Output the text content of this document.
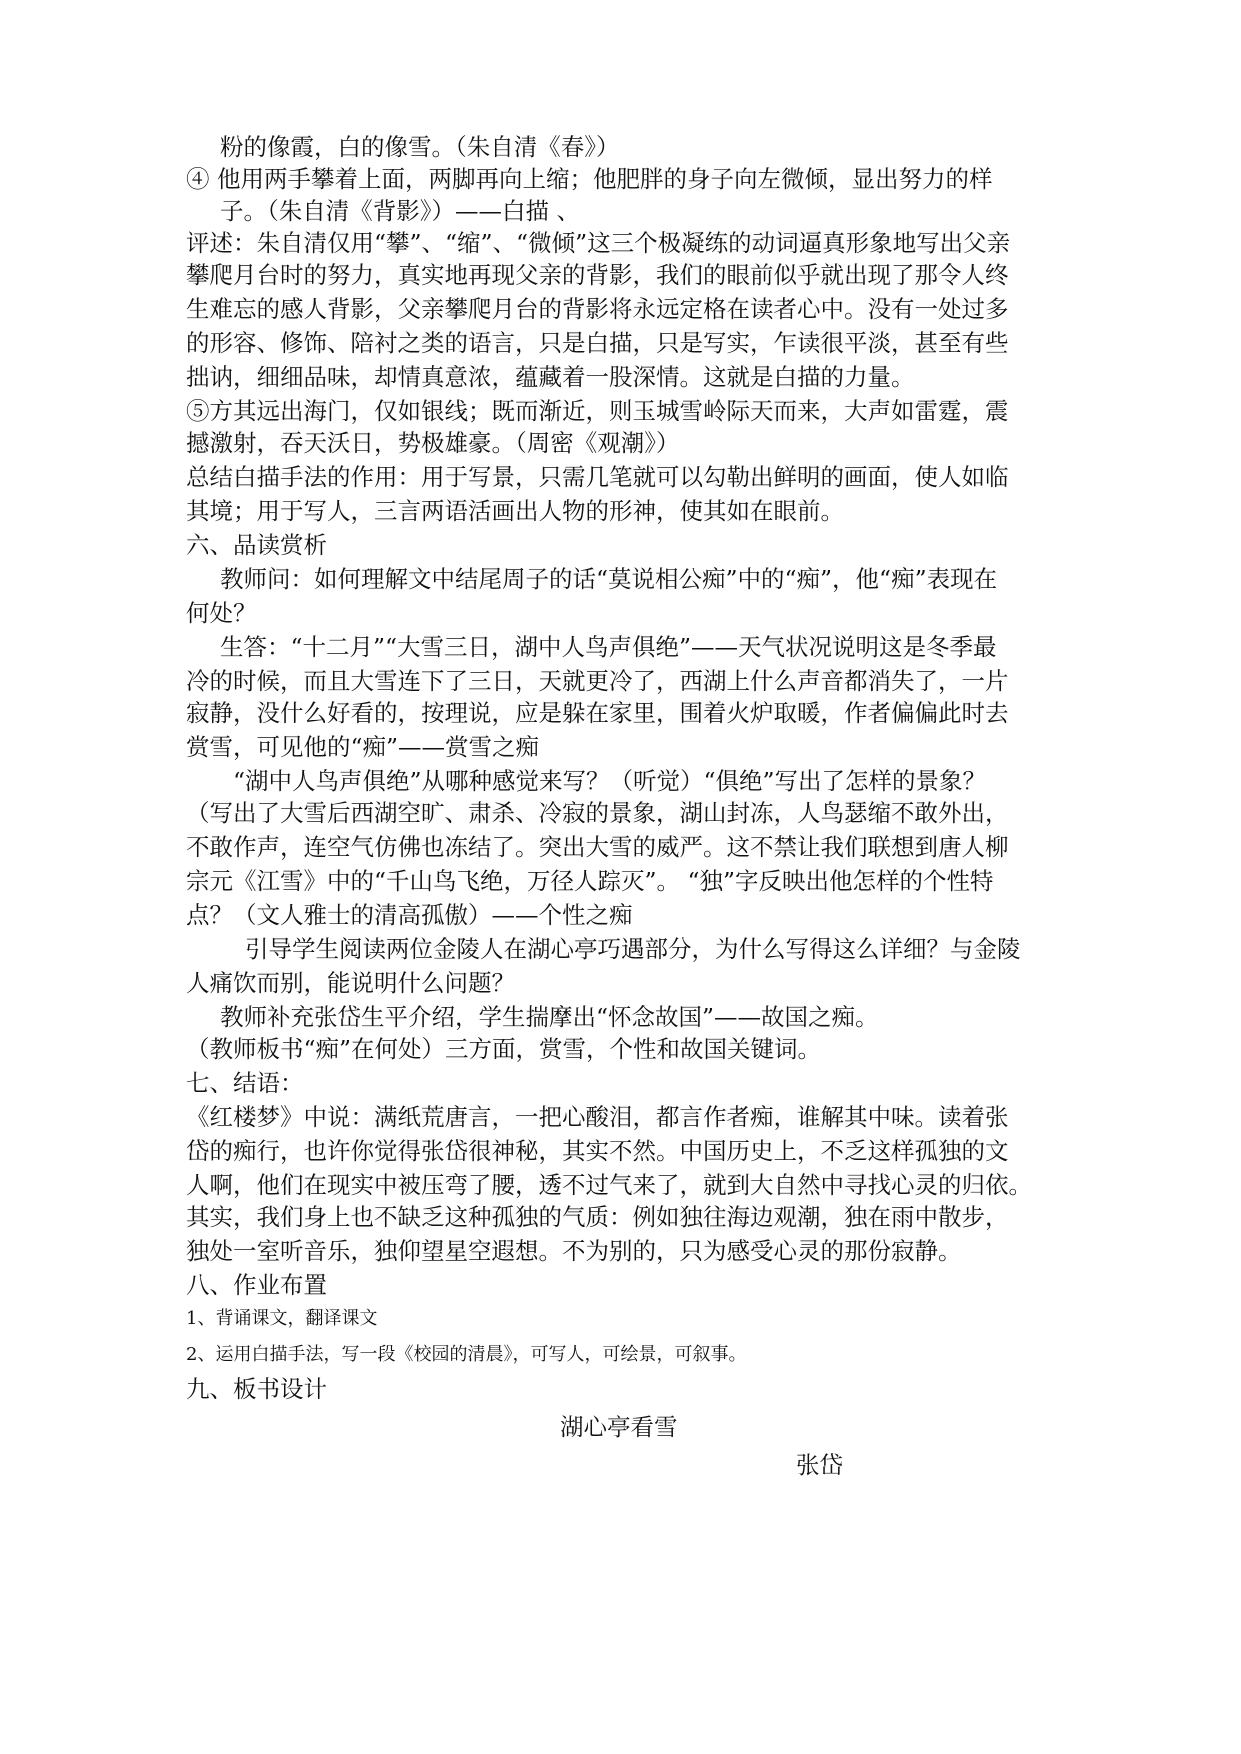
粉的像霞，白的像雪。（朱自清《春》）
④ 他用两手攀着上面，两脚再向上缩；他肥胖的身子向左微倾，显出努力的样
子。（朱自清《背影》）——白描 、
评述：朱自清仅用“攀”、“缩”、“微倾”这三个极凝练的动词逼真形象地写出父亲
攀爬月台时的努力，真实地再现父亲的背影，我们的眼前似乎就出现了那令人终
生难忘的感人背影，父亲攀爬月台的背影将永远定格在读者心中。没有一处过多
的形容、修饰、陪衬之类的语言，只是白描，只是写实，乍读很平淡，甚至有些
拙讷，细细品味，却情真意浓，蕴藏着一股深情。这就是白描的力量。
⑤方其远出海门，仅如银线；既而渐近，则玉城雪岭际天而来，大声如雷霆，震
撼激射，吞天沃日，势极雄豪。（周密《观潮》）
总结白描手法的作用：用于写景，只需几笔就可以勾勒出鲜明的画面，使人如临
其境；用于写人，三言两语活画出人物的形神，使其如在眼前。
六、品读赏析
教师问：如何理解文中结尾周子的话“莫说相公痴”中的“痴”，他“痴”表现在
何处？
生答：“十二月”“大雪三日，湖中人鸟声俱绝”——天气状况说明这是冬季最
冷的时候，而且大雪连下了三日，天就更冷了，西湖上什么声音都消失了，一片
寂静，没什么好看的，按理说，应是躲在家里，围着火炉取暖，作者偏偏此时去
赏雪，可见他的“痴”——赏雪之痴
“湖中人鸟声俱绝”从哪种感觉来写？（听觉）“俱绝”写出了怎样的景象？
（写出了大雪后西湖空旷、肃杀、冷寂的景象，湖山封冻，人鸟瑟缩不敢外出，
不敢作声，连空气仿佛也冻结了。突出大雪的威严。这不禁让我们联想到唐人柳
宗元《江雪》中的“千山鸟飞绝，万径人踪灭”。 “独”字反映出他怎样的个性特
点？（文人雅士的清高孤傲）——个性之痴
引导学生阅读两位金陵人在湖心亭巧遇部分，为什么写得这么详细？与金陵
人痛饮而别，能说明什么问题？
教师补充张岱生平介绍，学生揣摩出“怀念故国”——故国之痴。
（教师板书“痴”在何处）三方面，赏雪，个性和故国关键词。
七、结语：
《红楼梦》中说：满纸荒唐言，一把心酸泪，都言作者痴，谁解其中味。读着张
岱的痴行，也许你觉得张岱很神秘，其实不然。中国历史上，不乏这样孤独的文
人啊，他们在现实中被压弯了腰，透不过气来了，就到大自然中寻找心灵的归依。
其实，我们身上也不缺乏这种孤独的气质：例如独往海边观潮，独在雨中散步，
独处一室听音乐，独仰望星空遐想。不为别的，只为感受心灵的那份寂静。
八、作业布置
1、背诵课文，翻译课文
2、运用白描手法，写一段《校园的清晨》，可写人，可绘景，可叙事。
九、板书设计
湖心亭看雪
张岱
